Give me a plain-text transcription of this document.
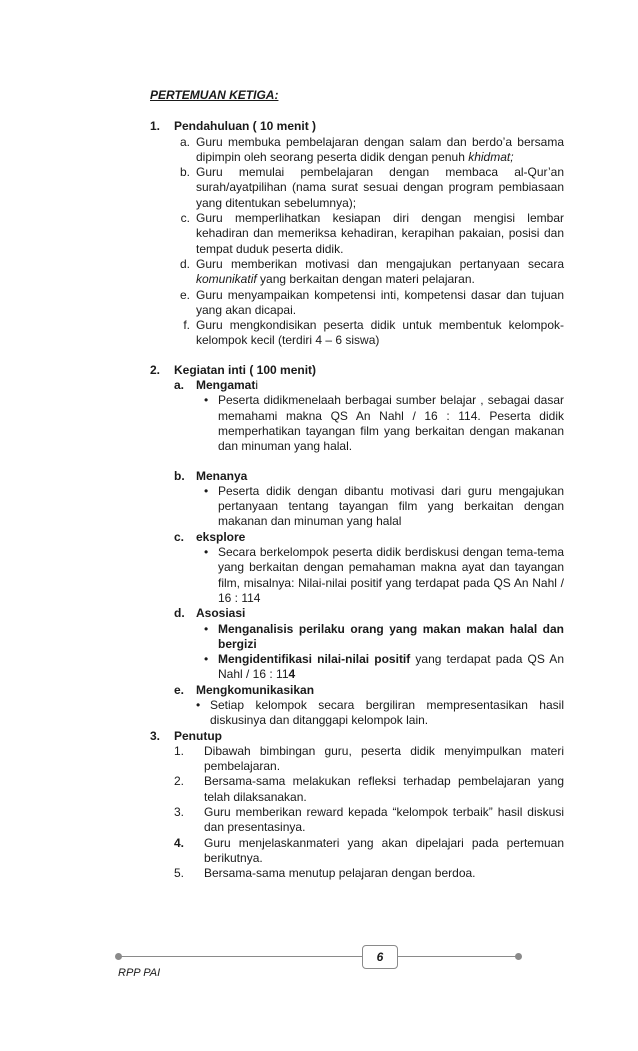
PERTEMUAN KETIGA:
1.	Pendahuluan ( 10 menit )
a. Guru membuka pembelajaran dengan salam dan berdo’a bersama dipimpin oleh seorang peserta didik dengan penuh khidmat;
b. Guru memulai pembelajaran dengan membaca al-Qur’an surah/ayatpilihan (nama surat sesuai dengan program pembiasaan yang ditentukan sebelumnya);
c. Guru memperlihatkan kesiapan diri dengan mengisi lembar kehadiran dan memeriksa kehadiran, kerapihan pakaian, posisi dan tempat duduk peserta didik.
d. Guru memberikan motivasi dan mengajukan pertanyaan secara komunikatif yang berkaitan dengan materi pelajaran.
e. Guru menyampaikan kompetensi inti, kompetensi dasar dan tujuan yang akan dicapai.
f. Guru mengkondisikan peserta didik untuk membentuk kelompok-kelompok kecil (terdiri 4 – 6 siswa)
2.	Kegiatan inti ( 100 menit)
a. Mengamati
• Peserta didikmenelaah berbagai sumber belajar , sebagai dasar memahami makna QS An Nahl / 16 : 114. Peserta didik memperhatikan tayangan film yang berkaitan dengan makanan dan minuman yang halal.
b. Menanya
• Peserta didik dengan dibantu motivasi dari guru mengajukan pertanyaan tentang tayangan film yang berkaitan dengan makanan dan minuman yang halal
c. eksplore
• Secara berkelompok peserta didik berdiskusi dengan tema-tema yang berkaitan dengan pemahaman makna ayat dan tayangan film, misalnya: Nilai-nilai positif yang terdapat pada QS An Nahl / 16 : 114
d. Asosiasi
• Menganalisis perilaku orang yang makan makan halal dan bergizi
• Mengidentifikasi nilai-nilai positif yang terdapat pada QS An Nahl / 16 : 114
e. Mengkomunikasikan
• Setiap kelompok secara bergiliran mempresentasikan hasil diskusinya dan ditanggapi kelompok lain.
3.	Penutup
1.	Dibawah bimbingan guru, peserta didik menyimpulkan materi pembelajaran.
2.	Bersama-sama melakukan refleksi terhadap pembelajaran yang telah dilaksanakan.
3.	Guru memberikan reward kepada “kelompok terbaik” hasil diskusi dan presentasinya.
4.	Guru menjelaskanmateri yang akan dipelajari pada pertemuan berikutnya.
5.	Bersama-sama menutup pelajaran dengan berdoa.
6
RPP PAI
